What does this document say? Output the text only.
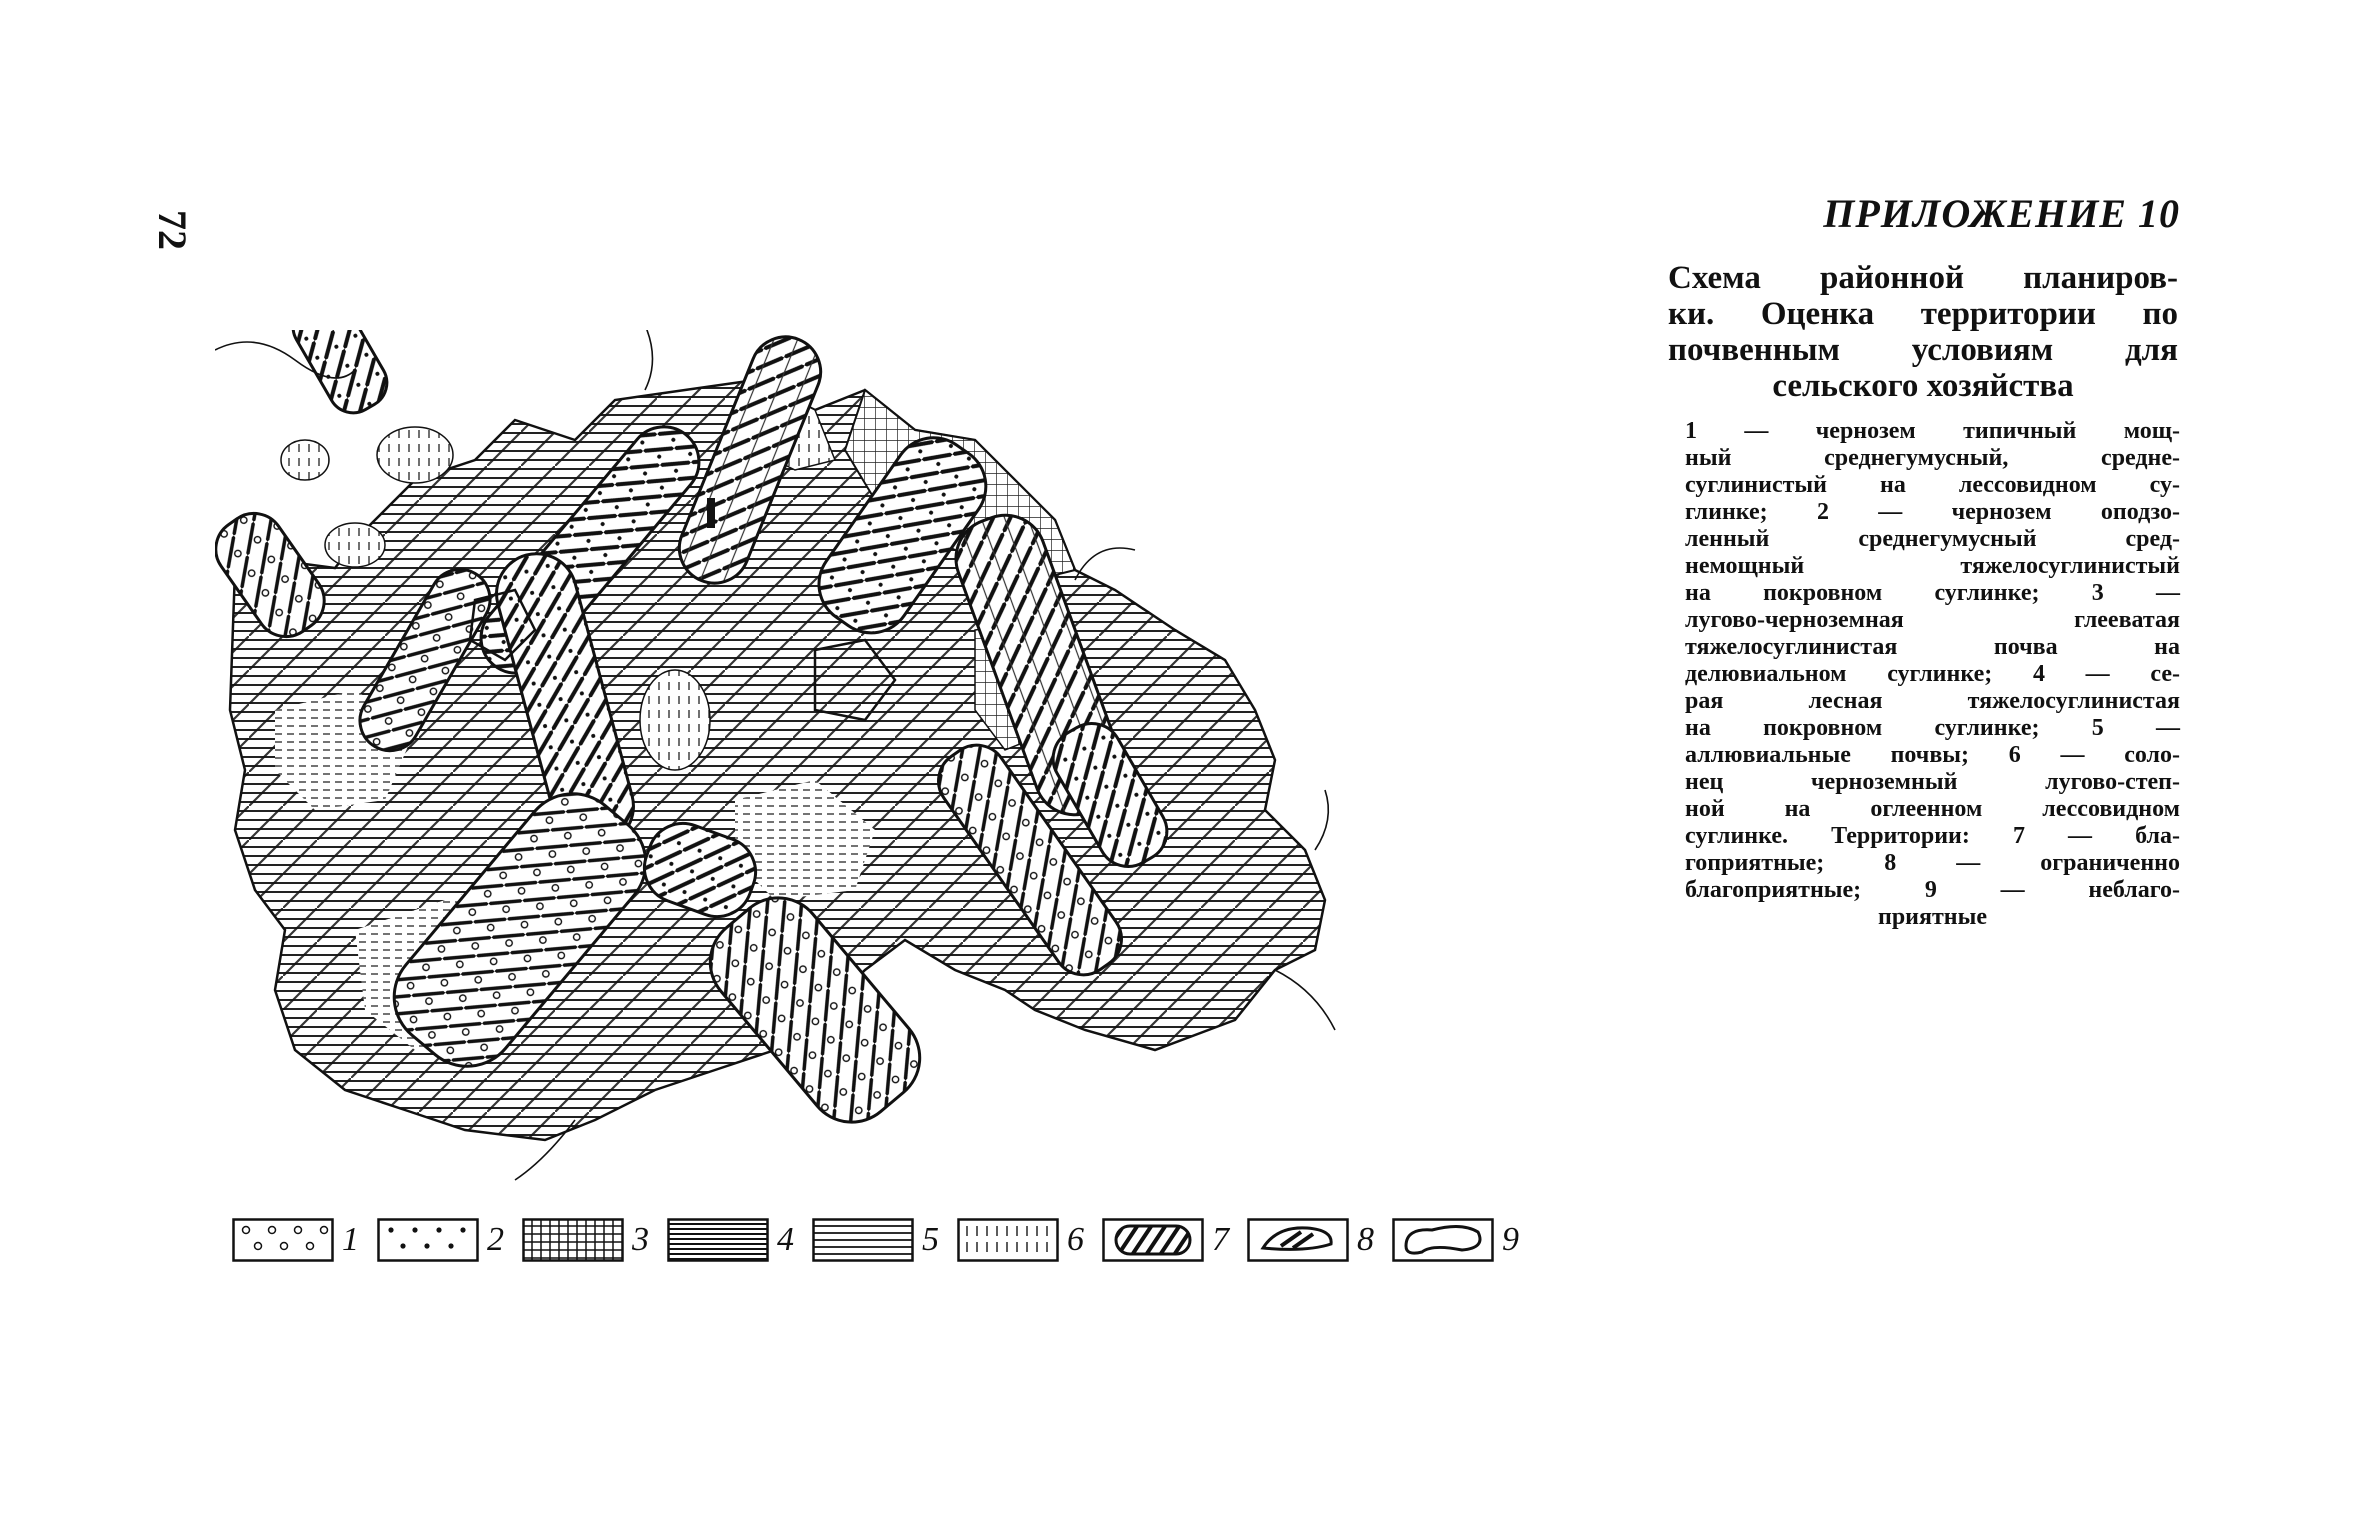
72	ПРИЛОЖЕНИЕ 10
Схема районной планиров-
ки. Оценка территории по
почвенным условиям для
сельского хозяйства
1 — чернозем типичный мощ-
ный среднегумусный, средне-
суглинистый на лессовидном су-
глинке; 2 — чернозем оподзо-
ленный среднегумусный сред-
немощный тяжелосуглинистый
на покровном суглинке; 3 —
лугово-черноземная глееватая
тяжелосуглинистая почва на
делювиальном суглинке; 4 — се-
рая лесная тяжелосуглинистая
на покровном суглинке; 5 —
аллювиальные почвы; 6 — соло-
нец черноземный лугово-степ-
ной на оглеенном лессовидном
суглинке. Территории: 7 — бла-
гоприятные; 8 — ограниченно
благоприятные; 9 — неблаго-
приятные
1	2	3	4	5	6	7	8	9
